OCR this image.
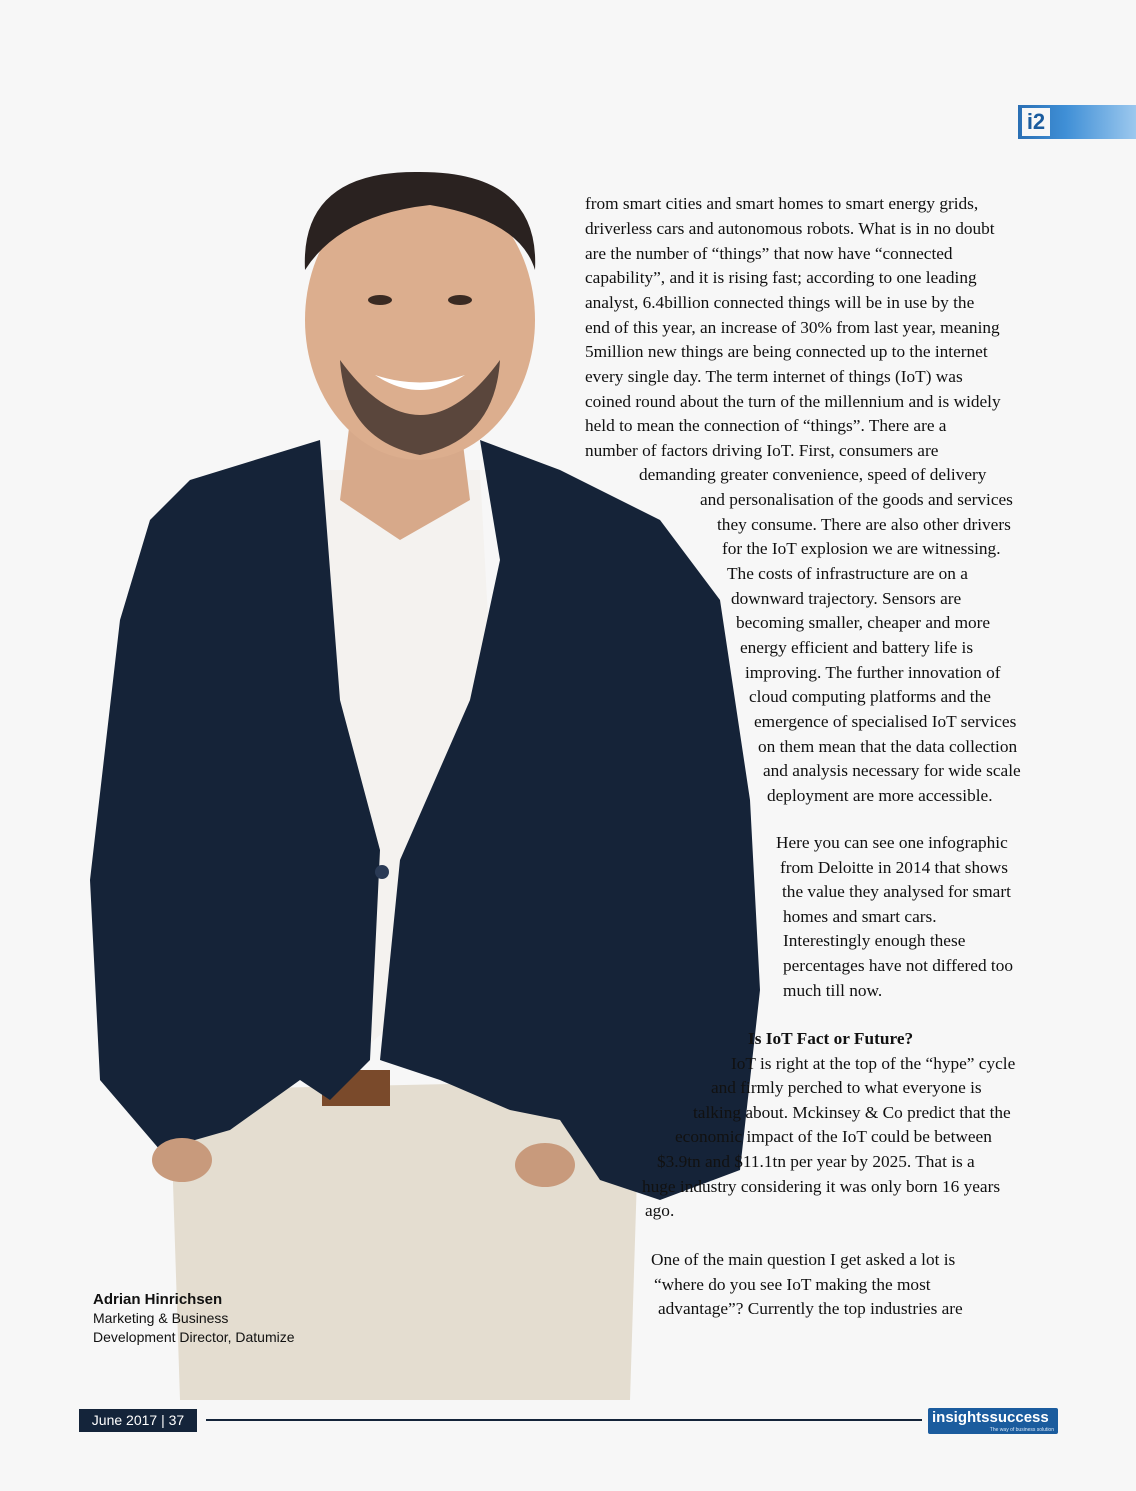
i2
Adrian Hinrichsen
Marketing & Business
Development Director, Datumize

from smart cities and smart homes to smart energy grids,

driverless cars and autonomous robots. What is in no doubt

are the number of “things” that now have “connected

capability”, and it is rising fast; according to one leading

analyst, 6.4billion connected things will be in use by the

end of this year, an increase of 30% from last year, meaning

5million new things are being connected up to the internet

every single day. The term internet of things (IoT) was

coined round about the turn of the millennium and is widely

held to mean the connection of “things”. There are a

number of factors driving IoT. First, consumers are

demanding greater convenience, speed of delivery

and personalisation of the goods and services

they consume. There are also other drivers

for the IoT explosion we are witnessing.

The costs of infrastructure are on a

downward trajectory. Sensors are

becoming smaller, cheaper and more

energy efficient and battery life is

improving. The further innovation of

cloud computing platforms and the

emergence of specialised IoT services

on them mean that the data collection

and analysis necessary for wide scale

deployment are more accessible.

Here you can see one infographic

from Deloitte in 2014 that shows

the value they analysed for smart

homes and smart cars.

Interestingly enough these

percentages have not differed too

much till now.

Is IoT Fact or Future?

IoT is right at the top of the “hype” cycle

and firmly perched to what everyone is

talking about. Mckinsey & Co predict that the

economic impact of the IoT could be between

$3.9tn and $11.1tn per year by 2025. That is a

huge industry considering it was only born 16 years

ago.

One of the main question I get asked a lot is

“where do you see IoT making the most

advantage”? Currently the top industries are

June 2017 | 37	insightssuccess
The way of business solution
